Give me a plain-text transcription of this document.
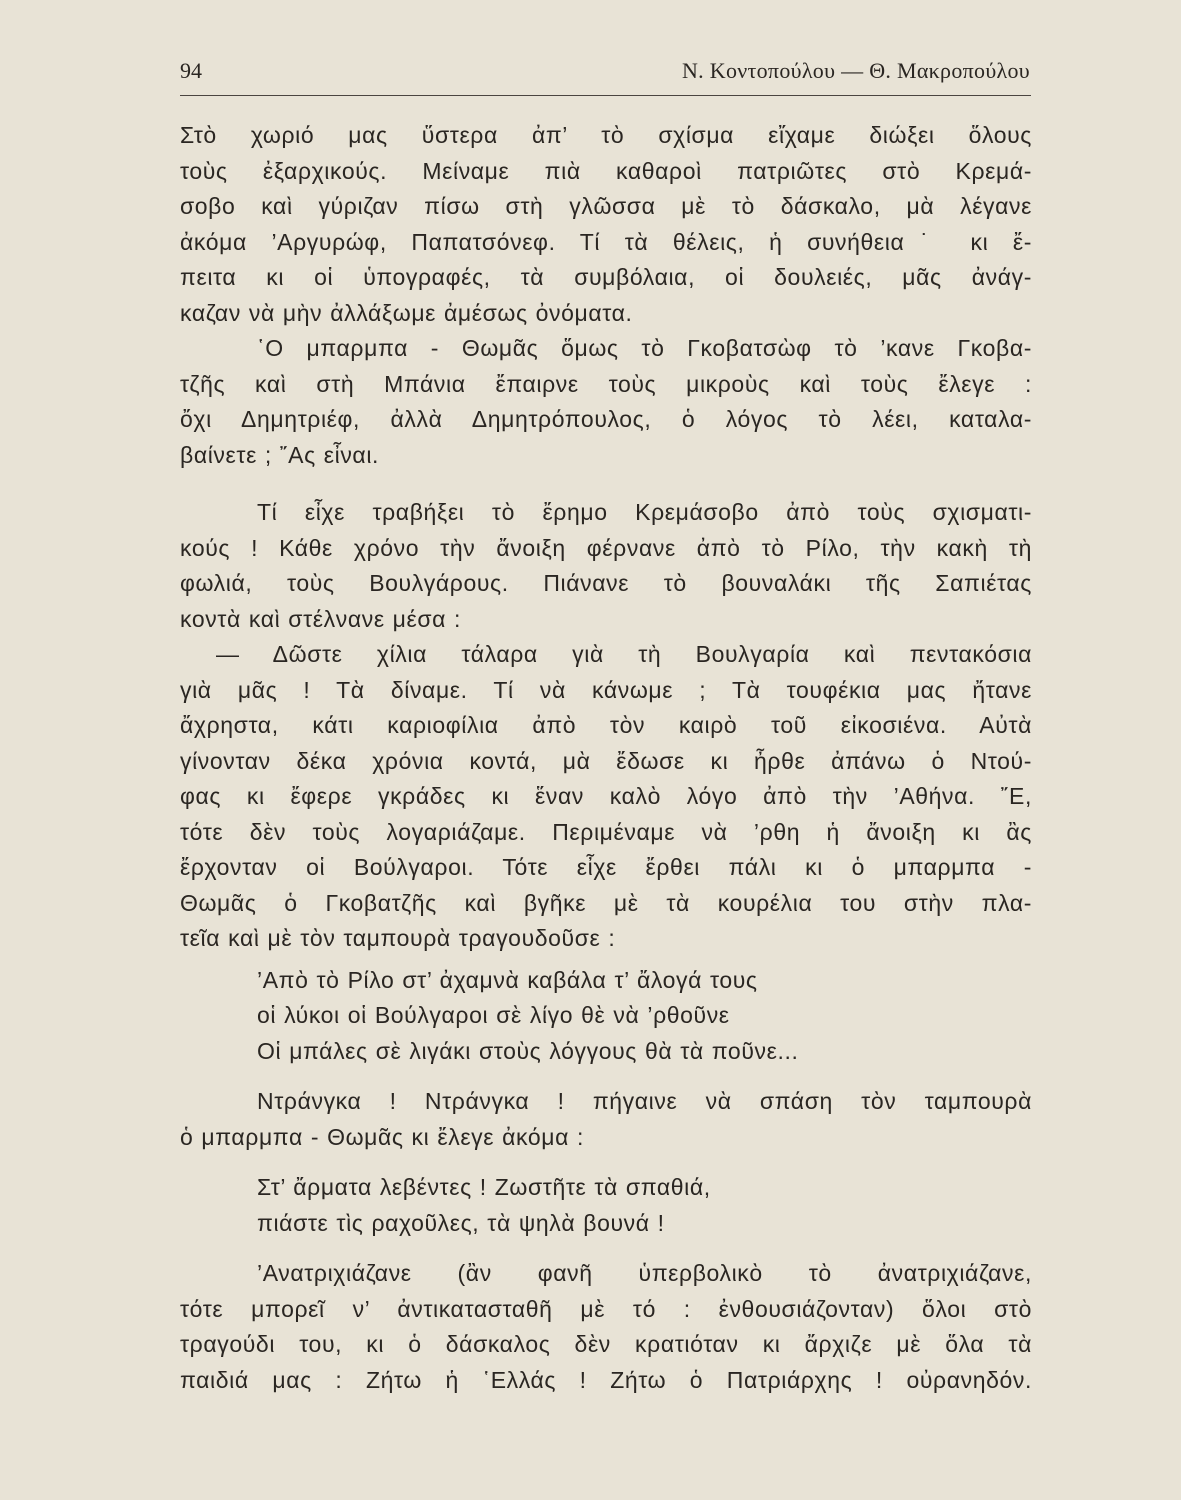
94	Ν. Κοντοπούλου — Θ. Μακροπούλου
Στὸ χωριό μας ὕστερα ἀπ’ τὸ σχίσμα εἴχαμε διώξει ὅλους
τοὺς ἐξαρχικούς. Μείναμε πιὰ καθαροὶ πατριῶτες στὸ Κρεμά-
σοβο καὶ γύριζαν πίσω στὴ γλῶσσα μὲ τὸ δάσκαλο, μὰ λέγανε
ἀκόμα ’Αργυρώφ, Παπατσόνεφ. Τί τὰ θέλεις, ἡ συνήθεια˙ κι ἔ-
πειτα κι οἱ ὑπογραφές, τὰ συμβόλαια, οἱ δουλειές, μᾶς ἀνάγ-
καζαν νὰ μὴν ἀλλάξωμε ἀμέσως ὀνόματα.
῾Ο μπαρμπα - Θωμᾶς ὅμως τὸ Γκοβατσὼφ τὸ ’κανε Γκοβα-
τζῆς καὶ στὴ Μπάνια ἔπαιρνε τοὺς μικροὺς καὶ τοὺς ἔλεγε :
ὄχι Δημητριέφ, ἀλλὰ Δημητρόπουλος, ὁ λόγος τὸ λέει, καταλα-
βαίνετε ; ῎Ας εἶναι.
Τί εἶχε τραβήξει τὸ ἔρημο Κρεμάσοβο ἀπὸ τοὺς σχισματι-
κούς ! Κάθε χρόνο τὴν ἄνοιξη φέρνανε ἀπὸ τὸ Ρίλο, τὴν κακὴ τὴ
φωλιά, τοὺς Βουλγάρους. Πιάνανε τὸ βουναλάκι τῆς Σαπιέτας
κοντὰ καὶ στέλνανε μέσα :
— Δῶστε χίλια τάλαρα γιὰ τὴ Βουλγαρία καὶ πεντακόσια
γιὰ μᾶς ! Τὰ δίναμε. Τί νὰ κάνωμε ; Τὰ τουφέκια μας ἤτανε
ἄχρηστα, κάτι καριοφίλια ἀπὸ τὸν καιρὸ τοῦ εἰκοσιένα. Αὐτὰ
γίνονταν δέκα χρόνια κοντά, μὰ ἔδωσε κι ἦρθε ἀπάνω ὁ Ντού-
φας κι ἔφερε γκράδες κι ἕναν καλὸ λόγο ἀπὸ τὴν ’Αθήνα. ῎Ε,
τότε δὲν τοὺς λογαριάζαμε. Περιμέναμε νὰ ’ρθη ἡ ἄνοιξη κι ἂς
ἔρχονταν οἱ Βούλγαροι. Τότε εἶχε ἔρθει πάλι κι ὁ μπαρμπα -
Θωμᾶς ὁ Γκοβατζῆς καὶ βγῆκε μὲ τὰ κουρέλια του στὴν πλα-
τεῖα καὶ μὲ τὸν ταμπουρὰ τραγουδοῦσε :
’Απὸ τὸ Ρίλο στ’ ἀχαμνὰ καβάλα τ’ ἄλογά τους
οἱ λύκοι οἱ Βούλγαροι σὲ λίγο θὲ νὰ ’ρθοῦνε
Οἱ μπάλες σὲ λιγάκι στοὺς λόγγους θὰ τὰ ποῦνε...
Ντράνγκα ! Ντράνγκα ! πήγαινε νὰ σπάση τὸν ταμπουρὰ
ὁ μπαρμπα - Θωμᾶς κι ἔλεγε ἀκόμα :
Στ’ ἄρματα λεβέντες ! Ζωστῆτε τὰ σπαθιά,
πιάστε τὶς ραχοῦλες, τὰ ψηλὰ βουνά !
’Ανατριχιάζανε (ἂν φανῆ ὑπερβολικὸ τὸ ἀνατριχιάζανε,
τότε μπορεῖ ν’ ἀντικατασταθῆ μὲ τό : ἐνθουσιάζονταν) ὅλοι στὸ
τραγούδι του, κι ὁ δάσκαλος δὲν κρατιόταν κι ἄρχιζε μὲ ὅλα τὰ
παιδιά μας : Ζήτω ἡ ῾Ελλάς ! Ζήτω ὁ Πατριάρχης ! οὐρανηδόν.
